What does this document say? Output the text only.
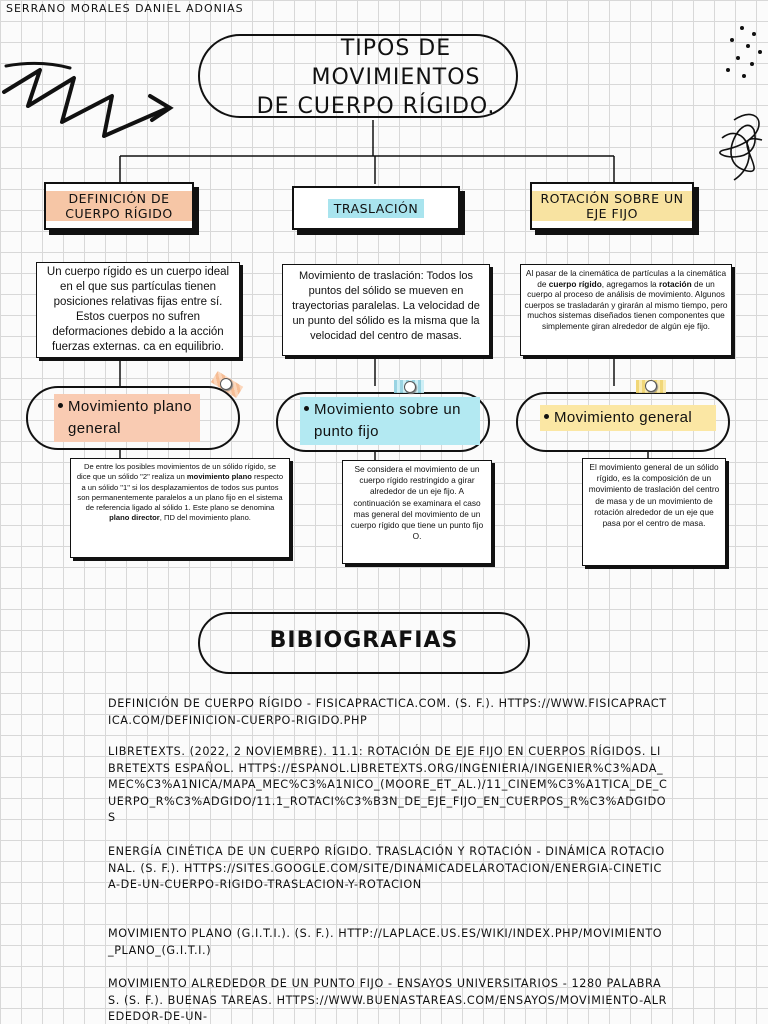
SERRANO MORALES DANIEL ADONIAS
TIPOS DE
MOVIMIENTOS
DE CUERPO RÍGIDO.
DEFINICIÓN DE CUERPO RÍGIDO
Un cuerpo rígido es un cuerpo ideal en el que sus partículas tienen posiciones relativas fijas entre sí. Estos cuerpos no sufren deformaciones debido a la acción fuerzas externas. ca en equilibrio.
TRASLACIÓN
Movimiento de traslación: Todos los puntos del sólido se mueven en trayectorias paralelas. La velocidad de un punto del sólido es la misma que la velocidad del centro de masas.
ROTACIÓN SOBRE UN EJE FIJO
Al pasar de la cinemática de partículas a la cinemática de cuerpo rígido, agregamos la rotación de un cuerpo al proceso de análisis de movimiento. Algunos cuerpos se trasladarán y girarán al mismo tiempo, pero muchos sistemas diseñados tienen componentes que simplemente giran alrededor de algún eje fijo.
Movimiento plano general
Movimiento sobre un punto fijo
Movimiento general
De entre los posibles movimientos de un sólido rígido, se dice que un sólido "2" realiza un movimiento plano respecto a un sólido "1" si los desplazamientos de todos sus puntos son permanentemente paralelos a un plano fijo en el sistema de referencia ligado al sólido 1. Este plano se denomina plano director, ΠD del movimiento plano.
Se considera el movimiento de un cuerpo rígido restringido a girar alrededor de un eje fijo. A continuación se examinara el caso mas general del movimiento de un cuerpo rígido que tiene un punto fijo O.
El movimiento general de un sólido rígido, es la composición de un movimiento de traslación del centro de masa y de un movimiento de rotación alrededor de un eje que pasa por el centro de masa.
BIBIOGRAFIAS
DEFINICIÓN DE CUERPO RÍGIDO - FISICAPRACTICA.COM. (S. F.). HTTPS://WWW.FISICAPRACTICA.COM/DEFINICION-CUERPO-RIGIDO.PHP
LIBRETEXTS. (2022, 2 NOVIEMBRE). 11.1: ROTACIÓN DE EJE FIJO EN CUERPOS RÍGIDOS. LIBRETEXTS ESPAÑOL. HTTPS://ESPANOL.LIBRETEXTS.ORG/INGENIERIA/INGENIER%C3%ADA_MEC%C3%A1NICA/MAPA_MEC%C3%A1NICO_(MOORE_ET_AL.)/11_CINEM%C3%A1TICA_DE_CUERPO_R%C3%ADGIDO/11.1_ROTACI%C3%B3N_DE_EJE_FIJO_EN_CUERPOS_R%C3%ADGIDOS
ENERGÍA CINÉTICA DE UN CUERPO RÍGIDO. TRASLACIÓN Y ROTACIÓN - DINÁMICA ROTACIONAL. (S. F.). HTTPS://SITES.GOOGLE.COM/SITE/DINAMICADELAROTACION/ENERGIA-CINETICA-DE-UN-CUERPO-RIGIDO-TRASLACION-Y-ROTACION
MOVIMIENTO PLANO (G.I.T.I.). (S. F.). HTTP://LAPLACE.US.ES/WIKI/INDEX.PHP/MOVIMIENTO_PLANO_(G.I.T.I.)
MOVIMIENTO ALREDEDOR DE UN PUNTO FIJO - ENSAYOS UNIVERSITARIOS - 1280 PALABRAS. (S. F.). BUENAS TAREAS. HTTPS://WWW.BUENASTAREAS.COM/ENSAYOS/MOVIMIENTO-ALREDEDOR-DE-UN-
